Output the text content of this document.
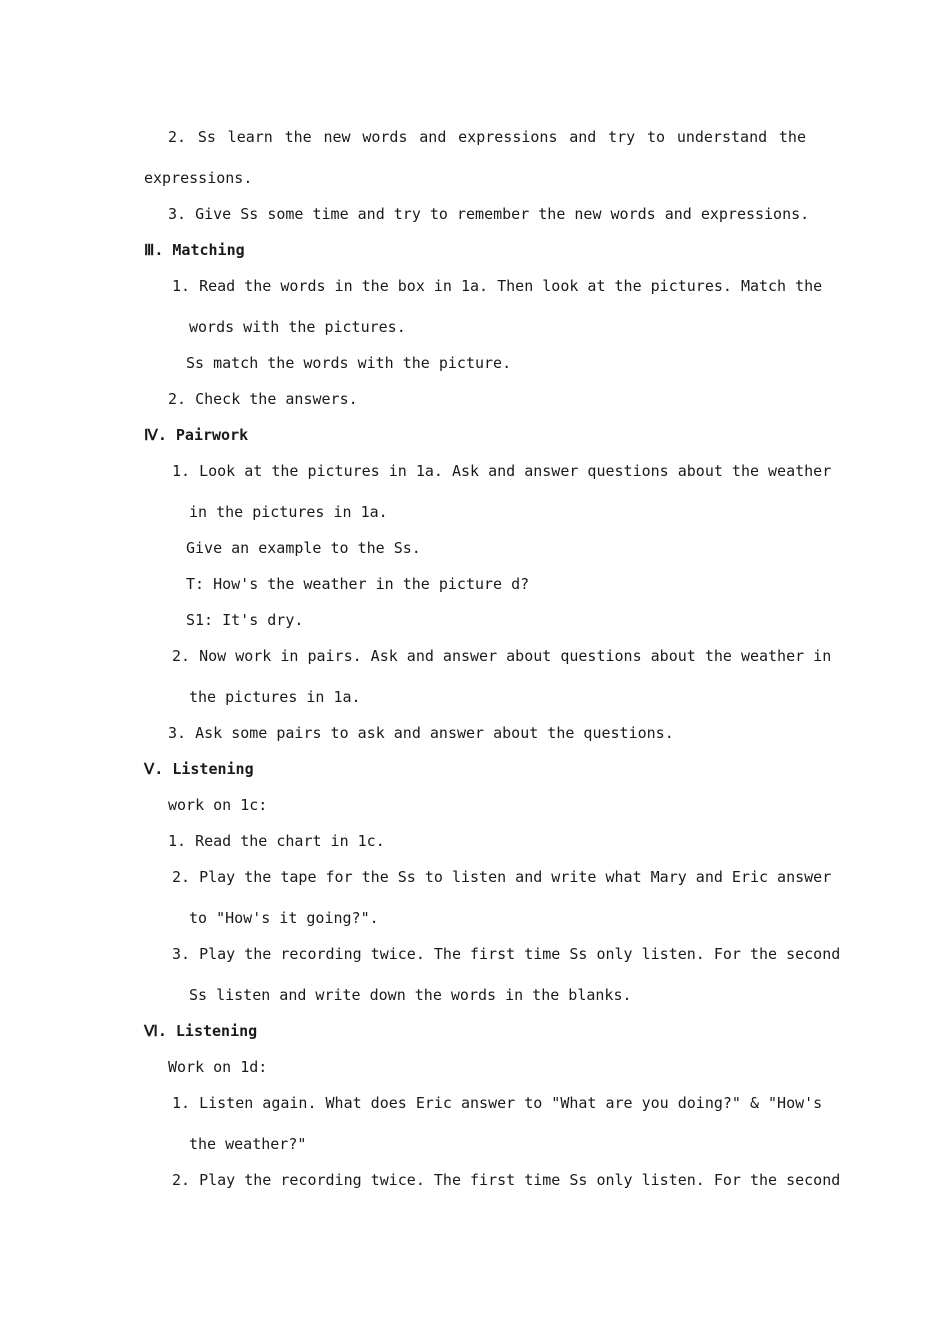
2. Ss learn the new words and expressions and try to understand the
expressions.
3. Give Ss some time and try to remember the new words and expressions.
Ⅲ. Matching
1. Read the words in the box in 1a. Then look at the pictures. Match the
words with the pictures.
Ss match the words with the picture.
2. Check the answers.
Ⅳ. Pairwork
1. Look at the pictures in 1a. Ask and answer questions about the weather
in the pictures in 1a.
Give an example to the Ss.
T: How's the weather in the picture d?
S1: It's dry.
2. Now work in pairs. Ask and answer about questions about the weather in
the pictures in 1a.
3. Ask some pairs to ask and answer about the questions.
Ⅴ. Listening
work on 1c:
1. Read the chart in 1c.
2. Play the tape for the Ss to listen and write what Mary and Eric answer
to "How's it going?".
3. Play the recording twice. The first time Ss only listen. For the second
Ss listen and write down the words in the blanks.
Ⅵ. Listening
Work on 1d:
1. Listen again. What does Eric answer to "What are you doing?" & "How's
the weather?"
2. Play the recording twice. The first time Ss only listen. For the second
